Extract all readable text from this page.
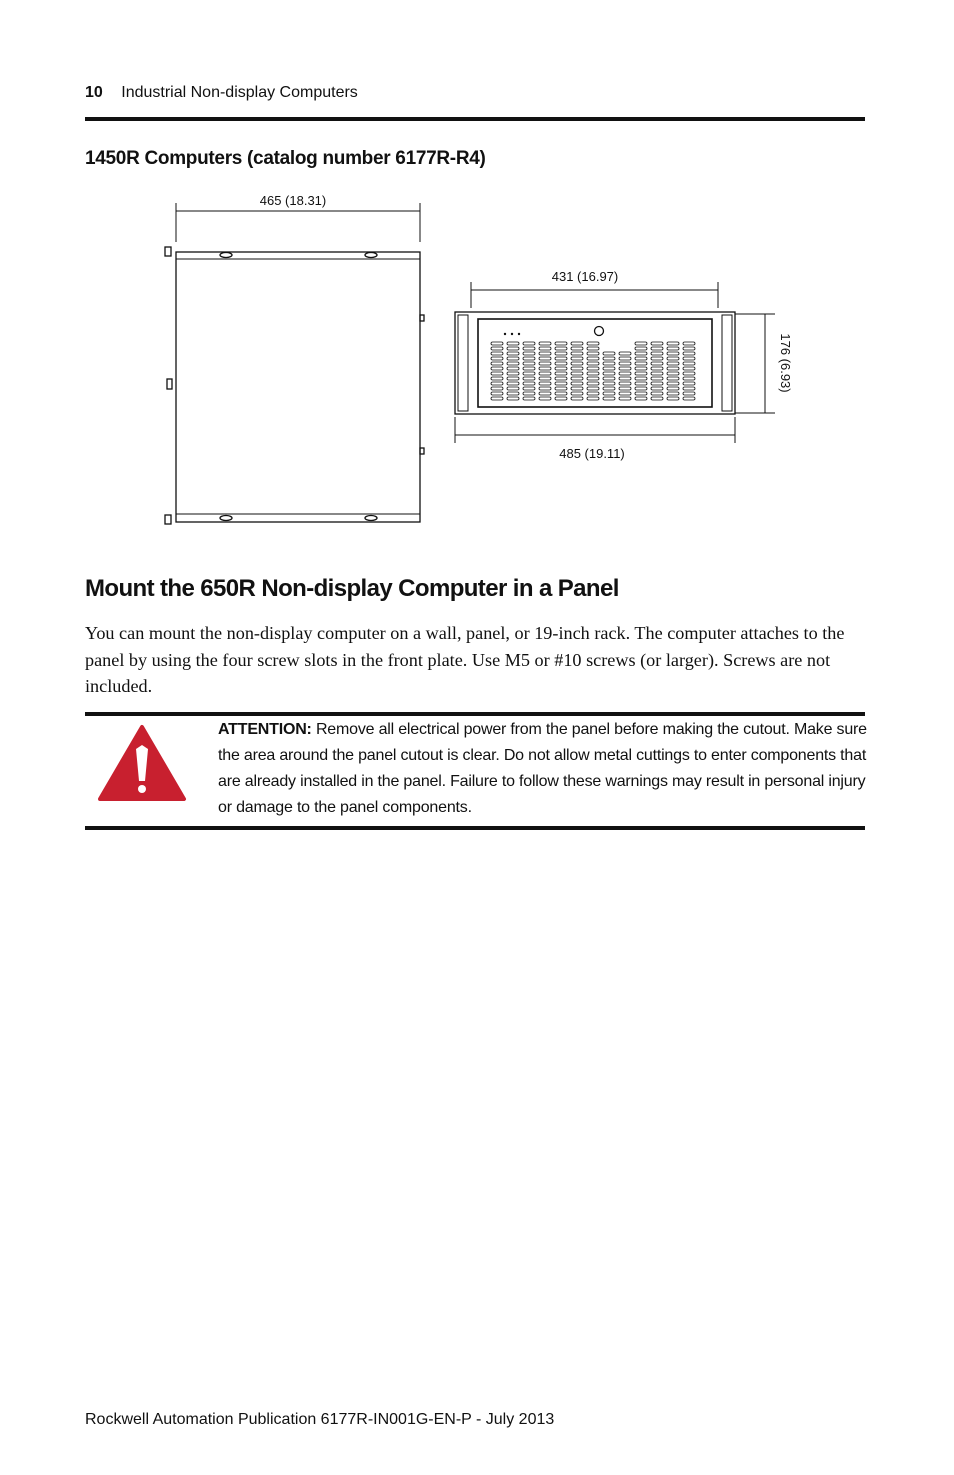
10 Industrial Non-display Computers
1450R Computers (catalog number 6177R-R4)
465 (18.31)
431 (16.97)
485 (19.11)
176 (6.93)
Mount the 650R Non-display Computer in a Panel
You can mount the non-display computer on a wall, panel, or 19-inch rack. The computer attaches to the panel by using the four screw slots in the front plate. Use M5 or #10 screws (or larger). Screws are not included.
ATTENTION: Remove all electrical power from the panel before making the cutout. Make sure the area around the panel cutout is clear. Do not allow metal cuttings to enter components that are already installed in the panel. Failure to follow these warnings may result in personal injury or damage to the panel components.
Rockwell Automation Publication 6177R-IN001G-EN-P - July 2013
